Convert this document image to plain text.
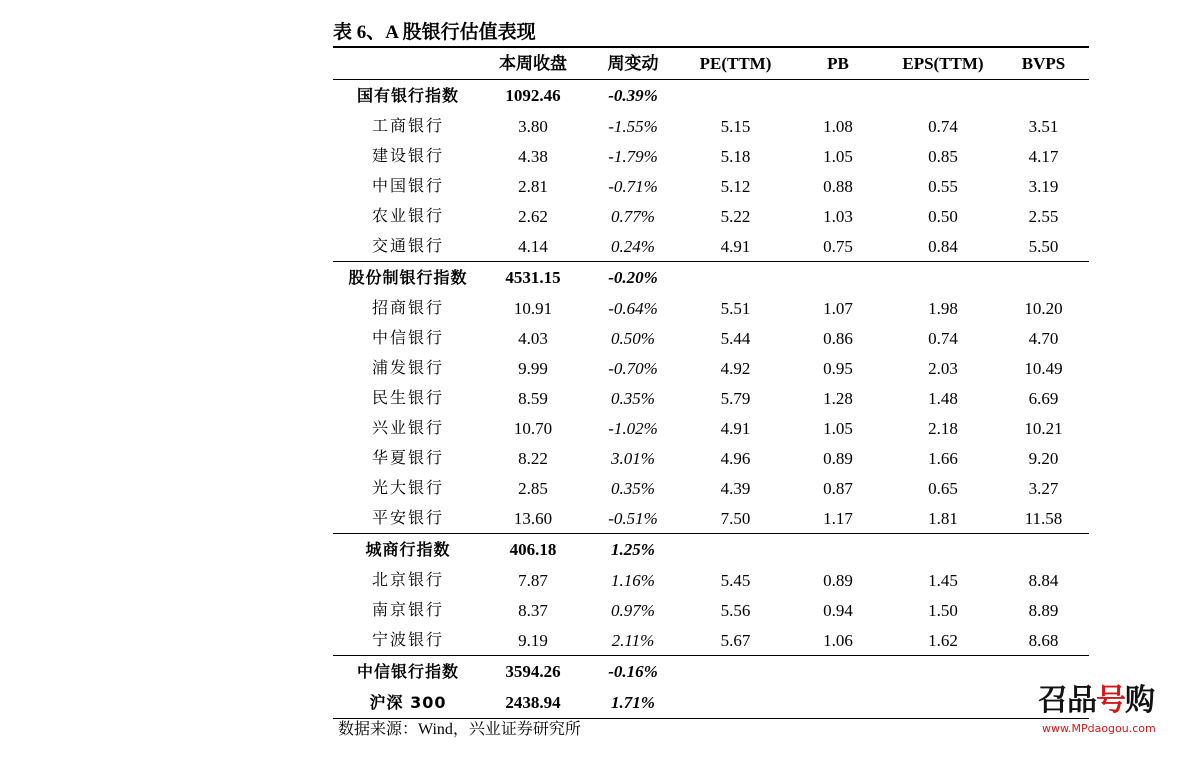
表 6、A 股银行估值表现
	本周收盘	周变动	PE(TTM)	PB	EPS(TTM)	BVPS
国有银行指数	1092.46	-0.39%				
工商银行	3.80	-1.55%	5.15	1.08	0.74	3.51
建设银行	4.38	-1.79%	5.18	1.05	0.85	4.17
中国银行	2.81	-0.71%	5.12	0.88	0.55	3.19
农业银行	2.62	0.77%	5.22	1.03	0.50	2.55
交通银行	4.14	0.24%	4.91	0.75	0.84	5.50
股份制银行指数	4531.15	-0.20%				
招商银行	10.91	-0.64%	5.51	1.07	1.98	10.20
中信银行	4.03	0.50%	5.44	0.86	0.74	4.70
浦发银行	9.99	-0.70%	4.92	0.95	2.03	10.49
民生银行	8.59	0.35%	5.79	1.28	1.48	6.69
兴业银行	10.70	-1.02%	4.91	1.05	2.18	10.21
华夏银行	8.22	3.01%	4.96	0.89	1.66	9.20
光大银行	2.85	0.35%	4.39	0.87	0.65	3.27
平安银行	13.60	-0.51%	7.50	1.17	1.81	11.58
城商行指数	406.18	1.25%				
北京银行	7.87	1.16%	5.45	0.89	1.45	8.84
南京银行	8.37	0.97%	5.56	0.94	1.50	8.89
宁波银行	9.19	2.11%	5.67	1.06	1.62	8.68
中信银行指数	3594.26	-0.16%				
沪深 300	2438.94	1.71%				
数据来源：Wind，兴业证券研究所
召品号购
www.MPdaogou.com
